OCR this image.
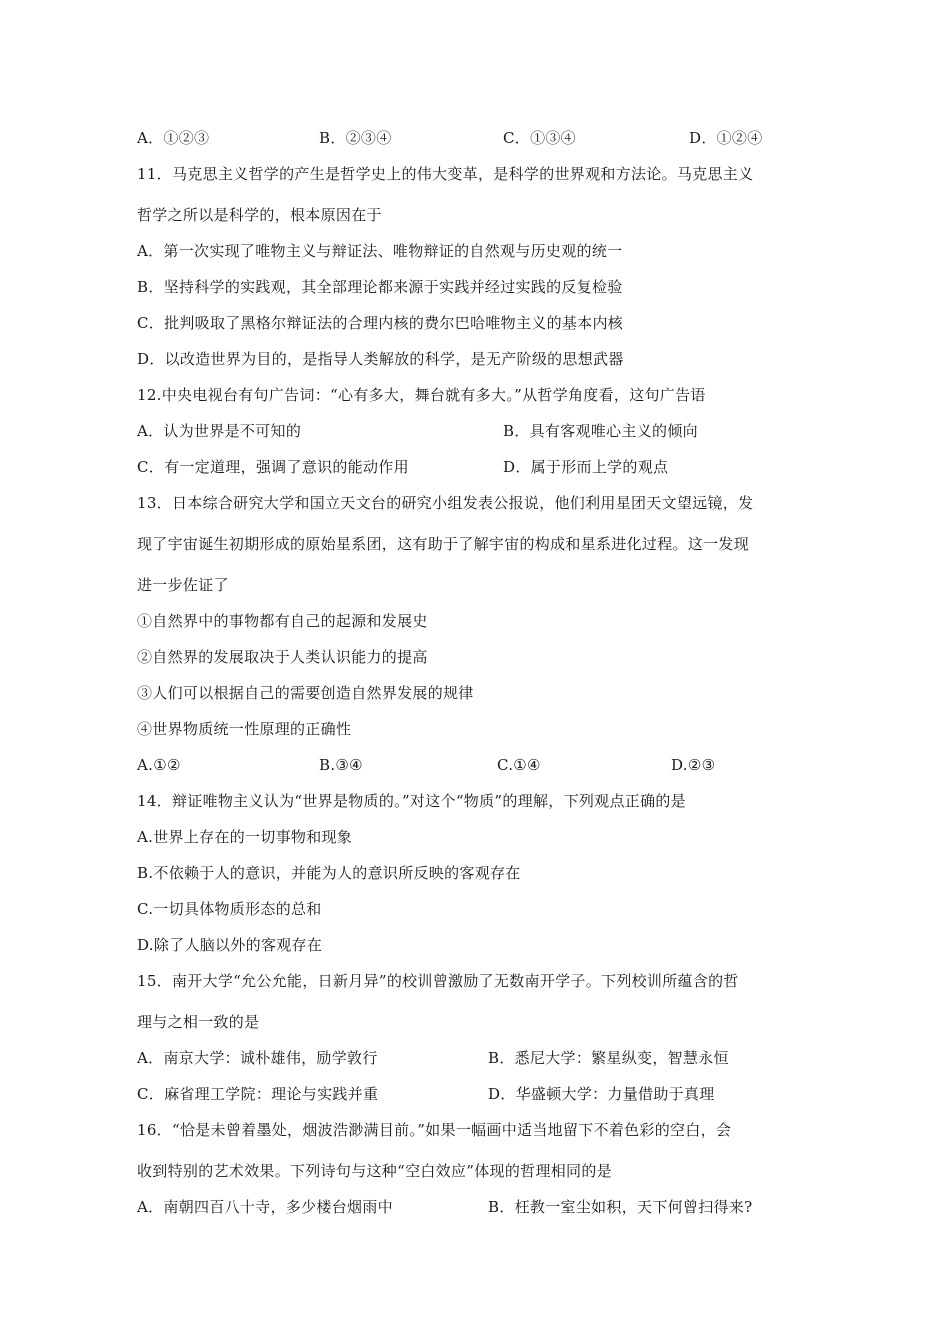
A．①②③	B．②③④	C．①③④	D．①②④
11．马克思主义哲学的产生是哲学史上的伟大变革，是科学的世界观和方法论。马克思主义
哲学之所以是科学的，根本原因在于
A．第一次实现了唯物主义与辩证法、唯物辩证的自然观与历史观的统一
B．坚持科学的实践观，其全部理论都来源于实践并经过实践的反复检验
C．批判吸取了黑格尔辩证法的合理内核的费尔巴哈唯物主义的基本内核
D．以改造世界为目的，是指导人类解放的科学，是无产阶级的思想武器
12.中央电视台有句广告词：“心有多大，舞台就有多大。”从哲学角度看，这句广告语
A．认为世界是不可知的	B．具有客观唯心主义的倾向
C．有一定道理，强调了意识的能动作用	D．属于形而上学的观点
13．日本综合研究大学和国立天文台的研究小组发表公报说，他们利用星团天文望远镜，发
现了宇宙诞生初期形成的原始星系团，这有助于了解宇宙的构成和星系进化过程。这一发现
进一步佐证了
①自然界中的事物都有自己的起源和发展史
②自然界的发展取决于人类认识能力的提高
③人们可以根据自己的需要创造自然界发展的规律
④世界物质统一性原理的正确性
A.①②	B.③④	C.①④	D.②③
14．辩证唯物主义认为“世界是物质的。”对这个“物质”的理解，下列观点正确的是
A.世界上存在的一切事物和现象
B.不依赖于人的意识，并能为人的意识所反映的客观存在
C.一切具体物质形态的总和
D.除了人脑以外的客观存在
15．南开大学“允公允能，日新月异”的校训曾激励了无数南开学子。下列校训所蕴含的哲
理与之相一致的是
A．南京大学：诚朴雄伟，励学敦行	B．悉尼大学：繁星纵变，智慧永恒
C．麻省理工学院：理论与实践并重	D．华盛顿大学：力量借助于真理
16．“恰是未曾着墨处，烟波浩渺满目前。”如果一幅画中适当地留下不着色彩的空白，会
收到特别的艺术效果。下列诗句与这种“空白效应”体现的哲理相同的是
A．南朝四百八十寺，多少楼台烟雨中	B．枉教一室尘如积，天下何曾扫得来?
